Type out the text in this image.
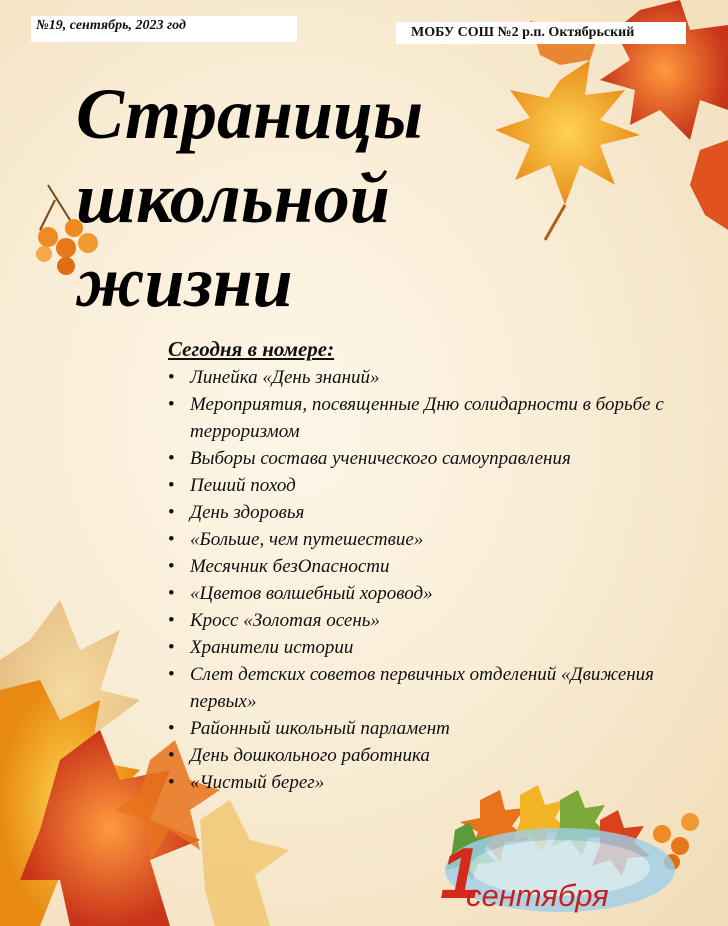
№19, сентябрь, 2023 год	МОБУ СОШ №2 р.п. Октябрьский
Страницы
школьной
жизни
Сегодня в номере:
• Линейка «День знаний»
• Мероприятия, посвященные Дню солидарности в борьбе с терроризмом
• Выборы состава ученического самоуправления
• Пеший поход
• День здоровья
• «Больше, чем путешествие»
• Месячник безОпасности
• «Цветов волшебный хоровод»
• Кросс «Золотая осень»
• Хранители истории
• Слет детских советов первичных отделений «Движения первых»
• Районный школьный парламент
• День дошкольного работника
• «Чистый берег»
1
сентября
